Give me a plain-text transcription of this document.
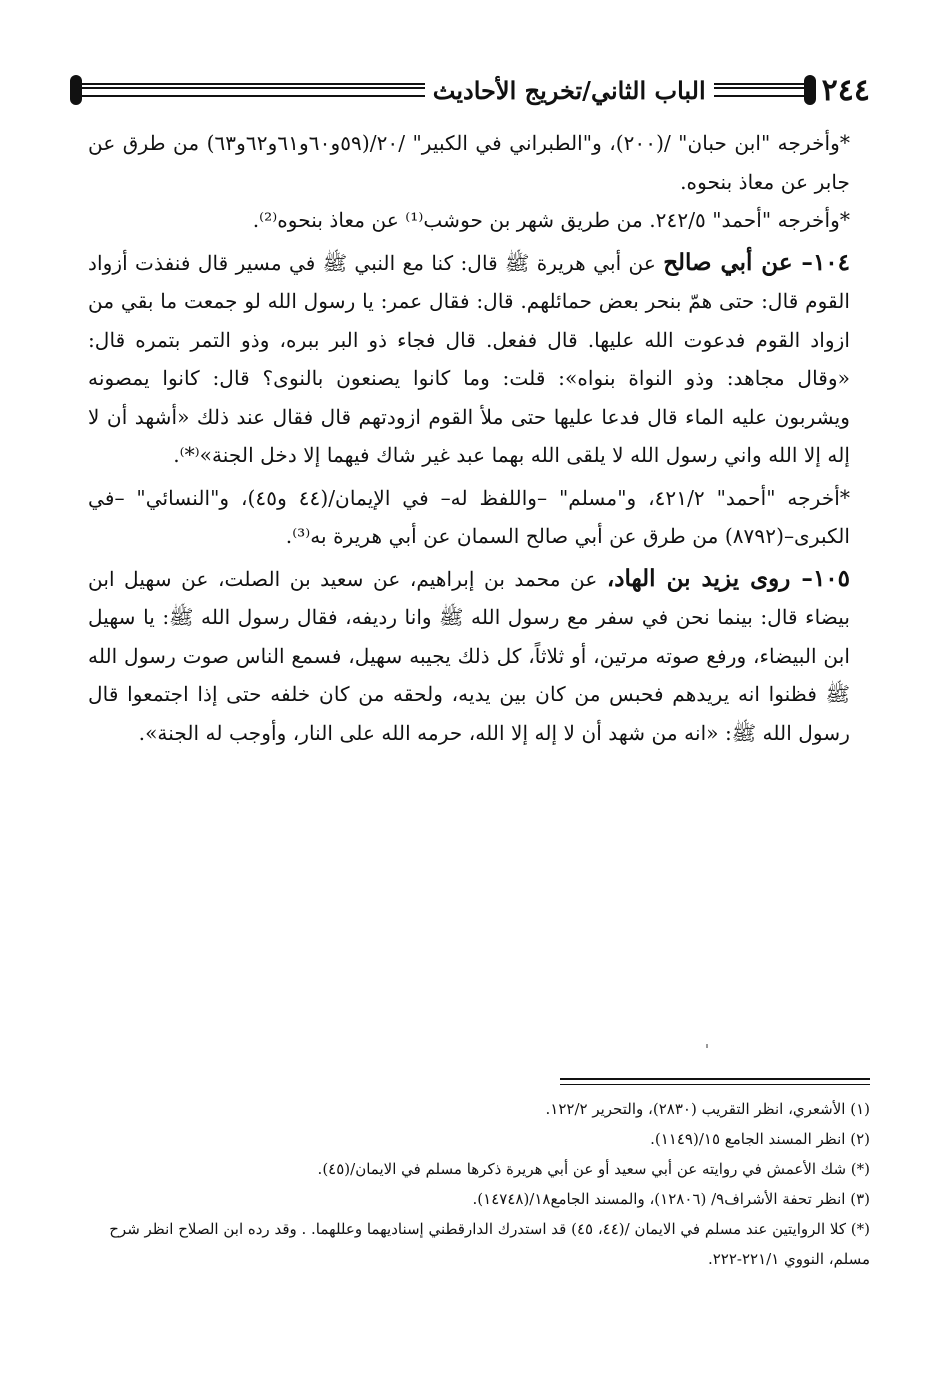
٢٤٤
الباب الثاني/تخريج الأحاديث

*وأخرجه "ابن حبان" /(٢٠٠)، و"الطبراني في الكبير" /٢٠/(٥٩و٦٠و٦١و٦٢و٦٣) من طرق عن جابر عن معاذ بنحوه.

*وأخرجه "أحمد" ٢٤٢/٥. من طريق شهر بن حوشب⁽¹⁾ عن معاذ بنحوه⁽²⁾.

١٠٤– عن أبي صالح عن أبي هريرة ﷺ قال: كنا مع النبي ﷺ في مسير قال فنفذت أزواد القوم قال: حتى همّ بنحر بعض حمائلهم. قال: فقال عمر: يا رسول الله لو جمعت ما بقي من ازواد القوم فدعوت الله عليها. قال ففعل. قال فجاء ذو البر ببره، وذو التمر بتمره قال: «وقال مجاهد: وذو النواة بنواه»: قلت: وما كانوا يصنعون بالنوى؟ قال: كانوا يمصونه ويشربون عليه الماء قال فدعا عليها حتى ملأ القوم ازودتهم قال فقال عند ذلك «أشهد أن لا إله إلا الله واني رسول الله لا يلقى الله بهما عبد غير شاك فيهما إلا دخل الجنة»⁽*⁾.

*أخرجه "أحمد" ٤٢١/٢، و"مسلم" –واللفظ له– في الإيمان/(٤٤ و٤٥)، و"النسائي" –في الكبرى–(٨٧٩٢) من طرق عن أبي صالح السمان عن أبي هريرة به⁽³⁾.

١٠٥– روى يزيد بن الهاد، عن محمد بن إبراهيم، عن سعيد بن الصلت، عن سهيل ابن بيضاء قال: بينما نحن في سفر مع رسول الله ﷺ وانا رديفه، فقال رسول الله ﷺ: يا سهيل ابن البيضاء، ورفع صوته مرتين، أو ثلاثاً، كل ذلك يجيبه سهيل، فسمع الناس صوت رسول الله ﷺ فظنوا انه يريدهم فحبس من كان بين يديه، ولحقه من كان خلفه حتى إذا اجتمعوا قال رسول الله ﷺ: «انه من شهد أن لا إله إلا الله، حرمه الله على النار، وأوجب له الجنة».

(١) الأشعري، انظر التقريب (٢٨٣٠)، والتحرير ١٢٢/٢.

(٢) انظر المسند الجامع ١٥/(١١٤٩).

(*) شك الأعمش في روايته عن أبي سعيد أو عن أبي هريرة ذكرها مسلم في الايمان/(٤٥).

(٣) انظر تحفة الأشراف٩/ (١٢٨٠٦)، والمسند الجامع١٨/(١٤٧٤٨).

(*) كلا الروايتين عند مسلم في الايمان /(٤٤، ٤٥) قد استدرك الدارقطني إسناديهما وعللهما. . وقد رده ابن الصلاح انظر شرح مسلم، النووي ٢٢١/١-٢٢٢.
